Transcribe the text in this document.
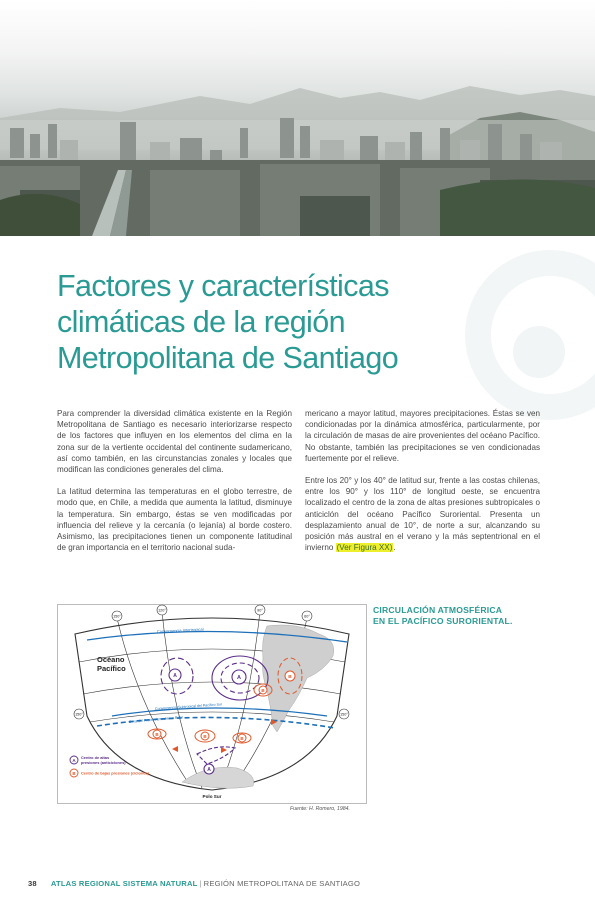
Factores y características
climáticas de la región
Metropolitana de Santiago

Para comprender la diversidad climática existente en la Región Metropolitana de Santiago es necesario interiorizarse respecto de los factores que influyen en los elementos del clima en la zona sur de la vertiente occidental del continente sudamericano, así como también, en las circunstancias zonales y locales que modifican las condiciones generales del clima.

La latitud determina las temperaturas en el globo terrestre, de modo que, en Chile, a medida que aumenta la latitud, disminuye la temperatura. Sin embargo, éstas se ven modificadas por influencia del relieve y la cercanía (o lejanía) al borde costero. Asimismo, las precipitaciones tienen un componente latitudinal de gran importancia en el territorio nacional suda-

mericano a mayor latitud, mayores precipitaciones. Éstas se ven condicionadas por la dinámica atmosférica, particularmente, por la circulación de masas de aire provenientes del océano Pacífico. No obstante, también las precipitaciones se ven condicionadas fuertemente por el relieve.

Entre los 20° y los 40° de latitud sur, frente a las costas chilenas, entre los 90° y los 110° de longitud oeste, se encuentra localizado el centro de la zona de altas presiones subtropicales o anticiclón del océano Pacífico Suroriental. Presenta un desplazamiento anual de 10°, de norte a sur, alcanzando su posición más austral en el verano y la más septentrional en el invierno (Ver Figura XX).

150°
120°	90°
60°
150°	150°
Convergencia Intertropical
Océano
Pacífico
A	A
A
B
B
B	B	B
Convergencia Subtropical del Pacífico Sur
Zona del Frente Atmosférico Polar
A
Centro de altas
presiones (anticiclones)
B Centro de bajas presiones (ciclones)
Polo Sur
CIRCULACIÓN ATMOSFÉRICA
EN EL PACÍFICO SURORIENTAL.
Fuente: H. Romero, 1984.
38 ATLAS REGIONAL SISTEMA NATURAL | REGIÓN METROPOLITANA DE SANTIAGO
